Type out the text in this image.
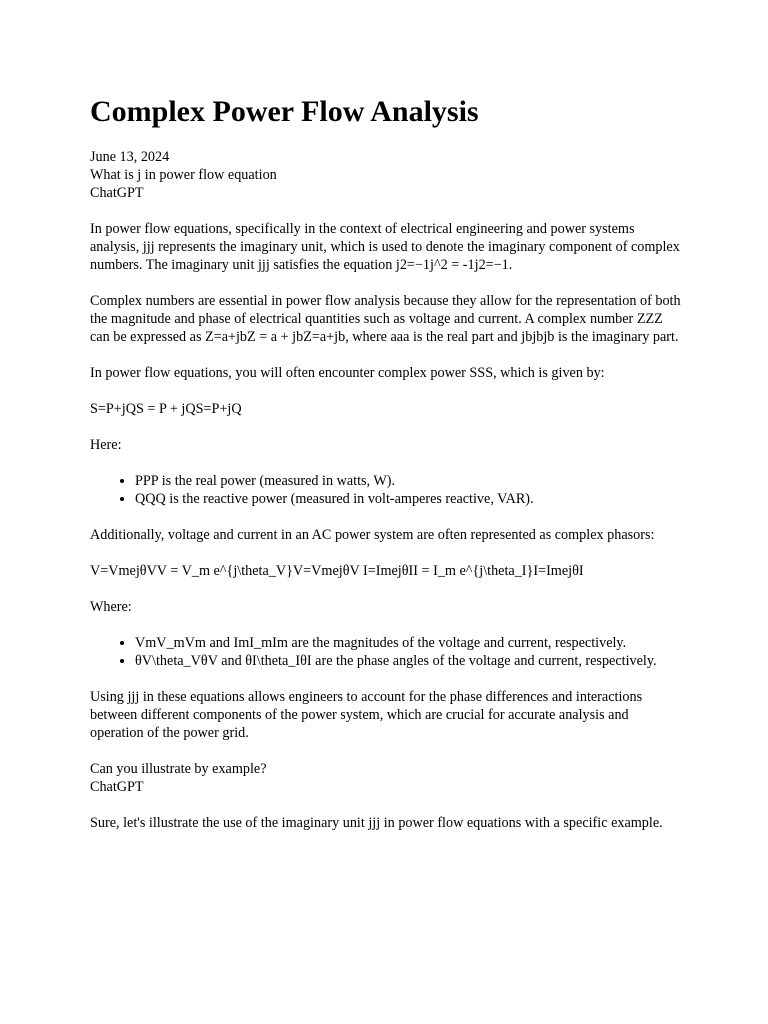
Complex Power Flow Analysis
June 13, 2024
What is j in power flow equation
ChatGPT

In power flow equations, specifically in the context of electrical engineering and power systems analysis, jjj represents the imaginary unit, which is used to denote the imaginary component of complex numbers. The imaginary unit jjj satisfies the equation j2=−1j^2 = -1j2=−1.

Complex numbers are essential in power flow analysis because they allow for the representation of both the magnitude and phase of electrical quantities such as voltage and current. A complex number ZZZ can be expressed as Z=a+jbZ = a + jbZ=a+jb, where aaa is the real part and jbjbjb is the imaginary part.

In power flow equations, you will often encounter complex power SSS, which is given by:

S=P+jQS = P + jQS=P+jQ

Here:

• PPP is the real power (measured in watts, W).
• QQQ is the reactive power (measured in volt-amperes reactive, VAR).

Additionally, voltage and current in an AC power system are often represented as complex phasors:

V=VmejθVV = V_m e^{j\theta_V}V=VmejθV I=ImejθII = I_m e^{j\theta_I}I=ImejθI

Where:

• VmV_mVm and ImI_mIm are the magnitudes of the voltage and current, respectively.
• θV\theta_VθV and θI\theta_IθI are the phase angles of the voltage and current, respectively.

Using jjj in these equations allows engineers to account for the phase differences and interactions between different components of the power system, which are crucial for accurate analysis and operation of the power grid.

Can you illustrate by example?
ChatGPT

Sure, let's illustrate the use of the imaginary unit jjj in power flow equations with a specific example.
